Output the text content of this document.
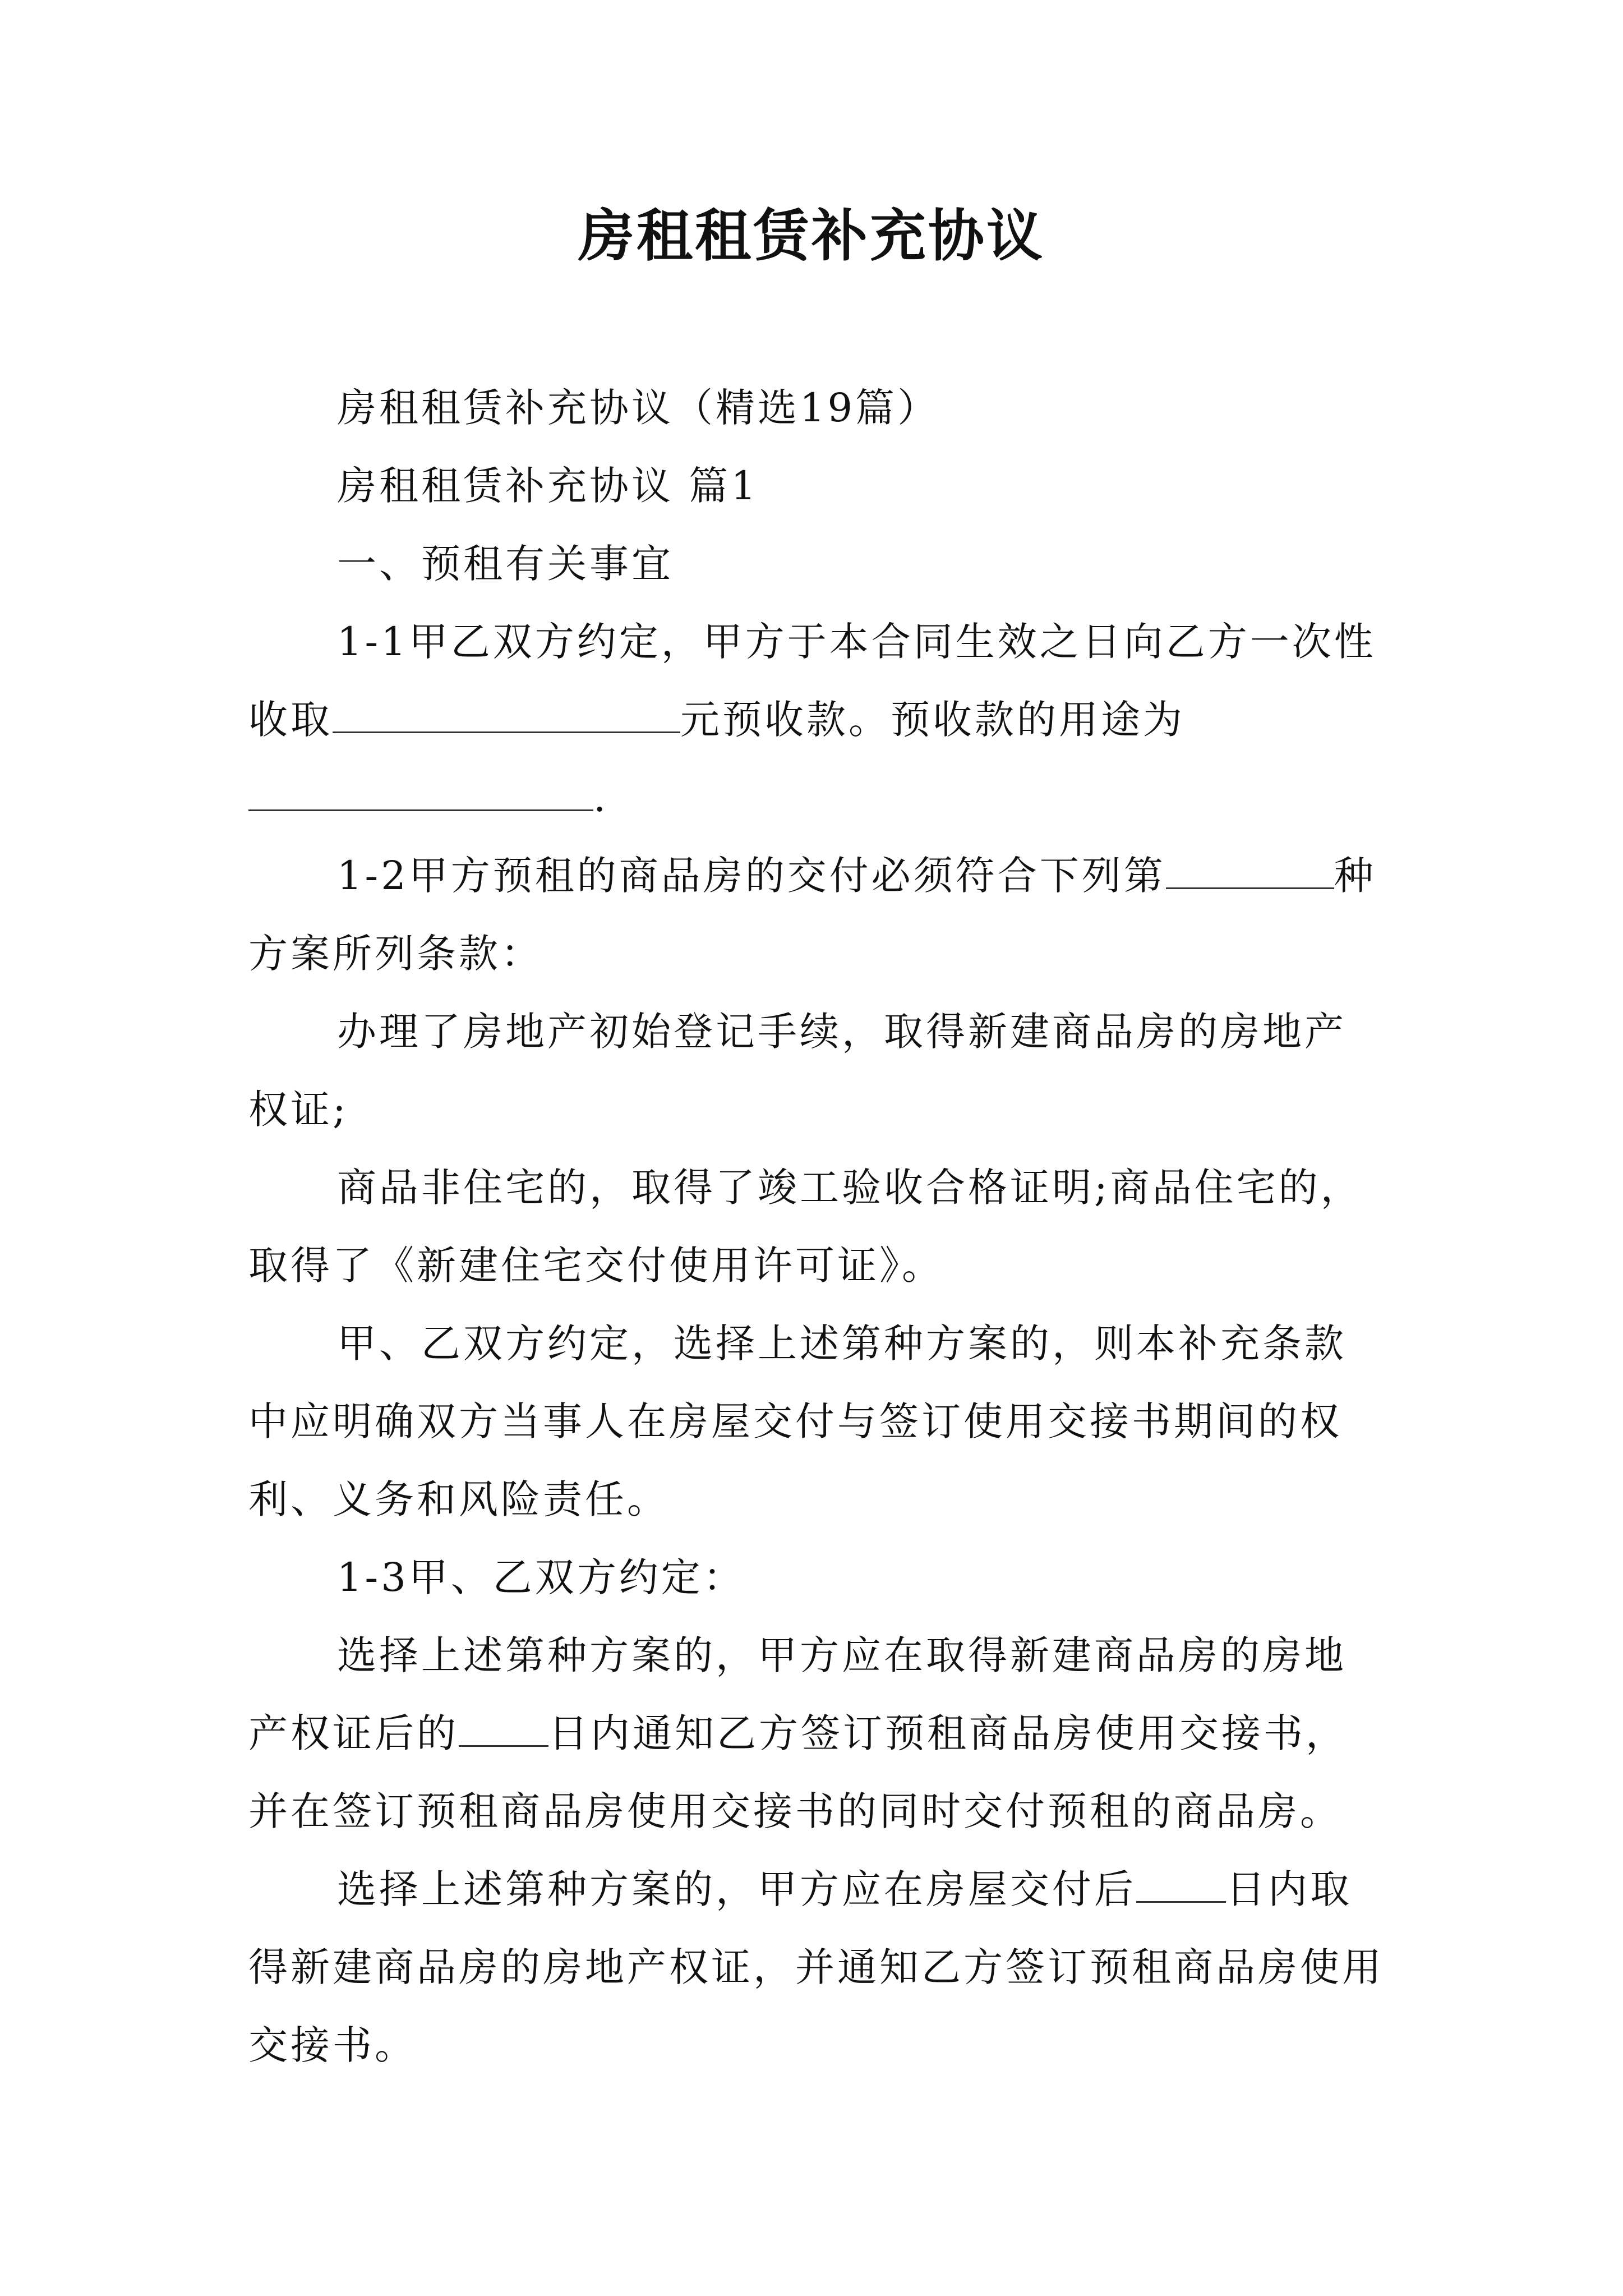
房租租赁补充协议

房租租赁补充协议（精选19篇）

房租租赁补充协议 篇1

一、预租有关事宜

1-1甲乙双方约定，甲方于本合同生效之日向乙方一次性收取	元预收款。预收款的用途为
.

1-2甲方预租的商品房的交付必须符合下列第	种方案所列条款：

办理了房地产初始登记手续，取得新建商品房的房地产权证;

商品非住宅的，取得了竣工验收合格证明;商品住宅的，取得了《新建住宅交付使用许可证》。

甲、乙双方约定，选择上述第种方案的，则本补充条款中应明确双方当事人在房屋交付与签订使用交接书期间的权利、义务和风险责任。

1-3甲、乙双方约定：

选择上述第种方案的，甲方应在取得新建商品房的房地产权证后的 日内通知乙方签订预租商品房使用交接书，并在签订预租商品房使用交接书的同时交付预租的商品房。

选择上述第种方案的，甲方应在房屋交付后 日内取得新建商品房的房地产权证，并通知乙方签订预租商品房使用交接书。
